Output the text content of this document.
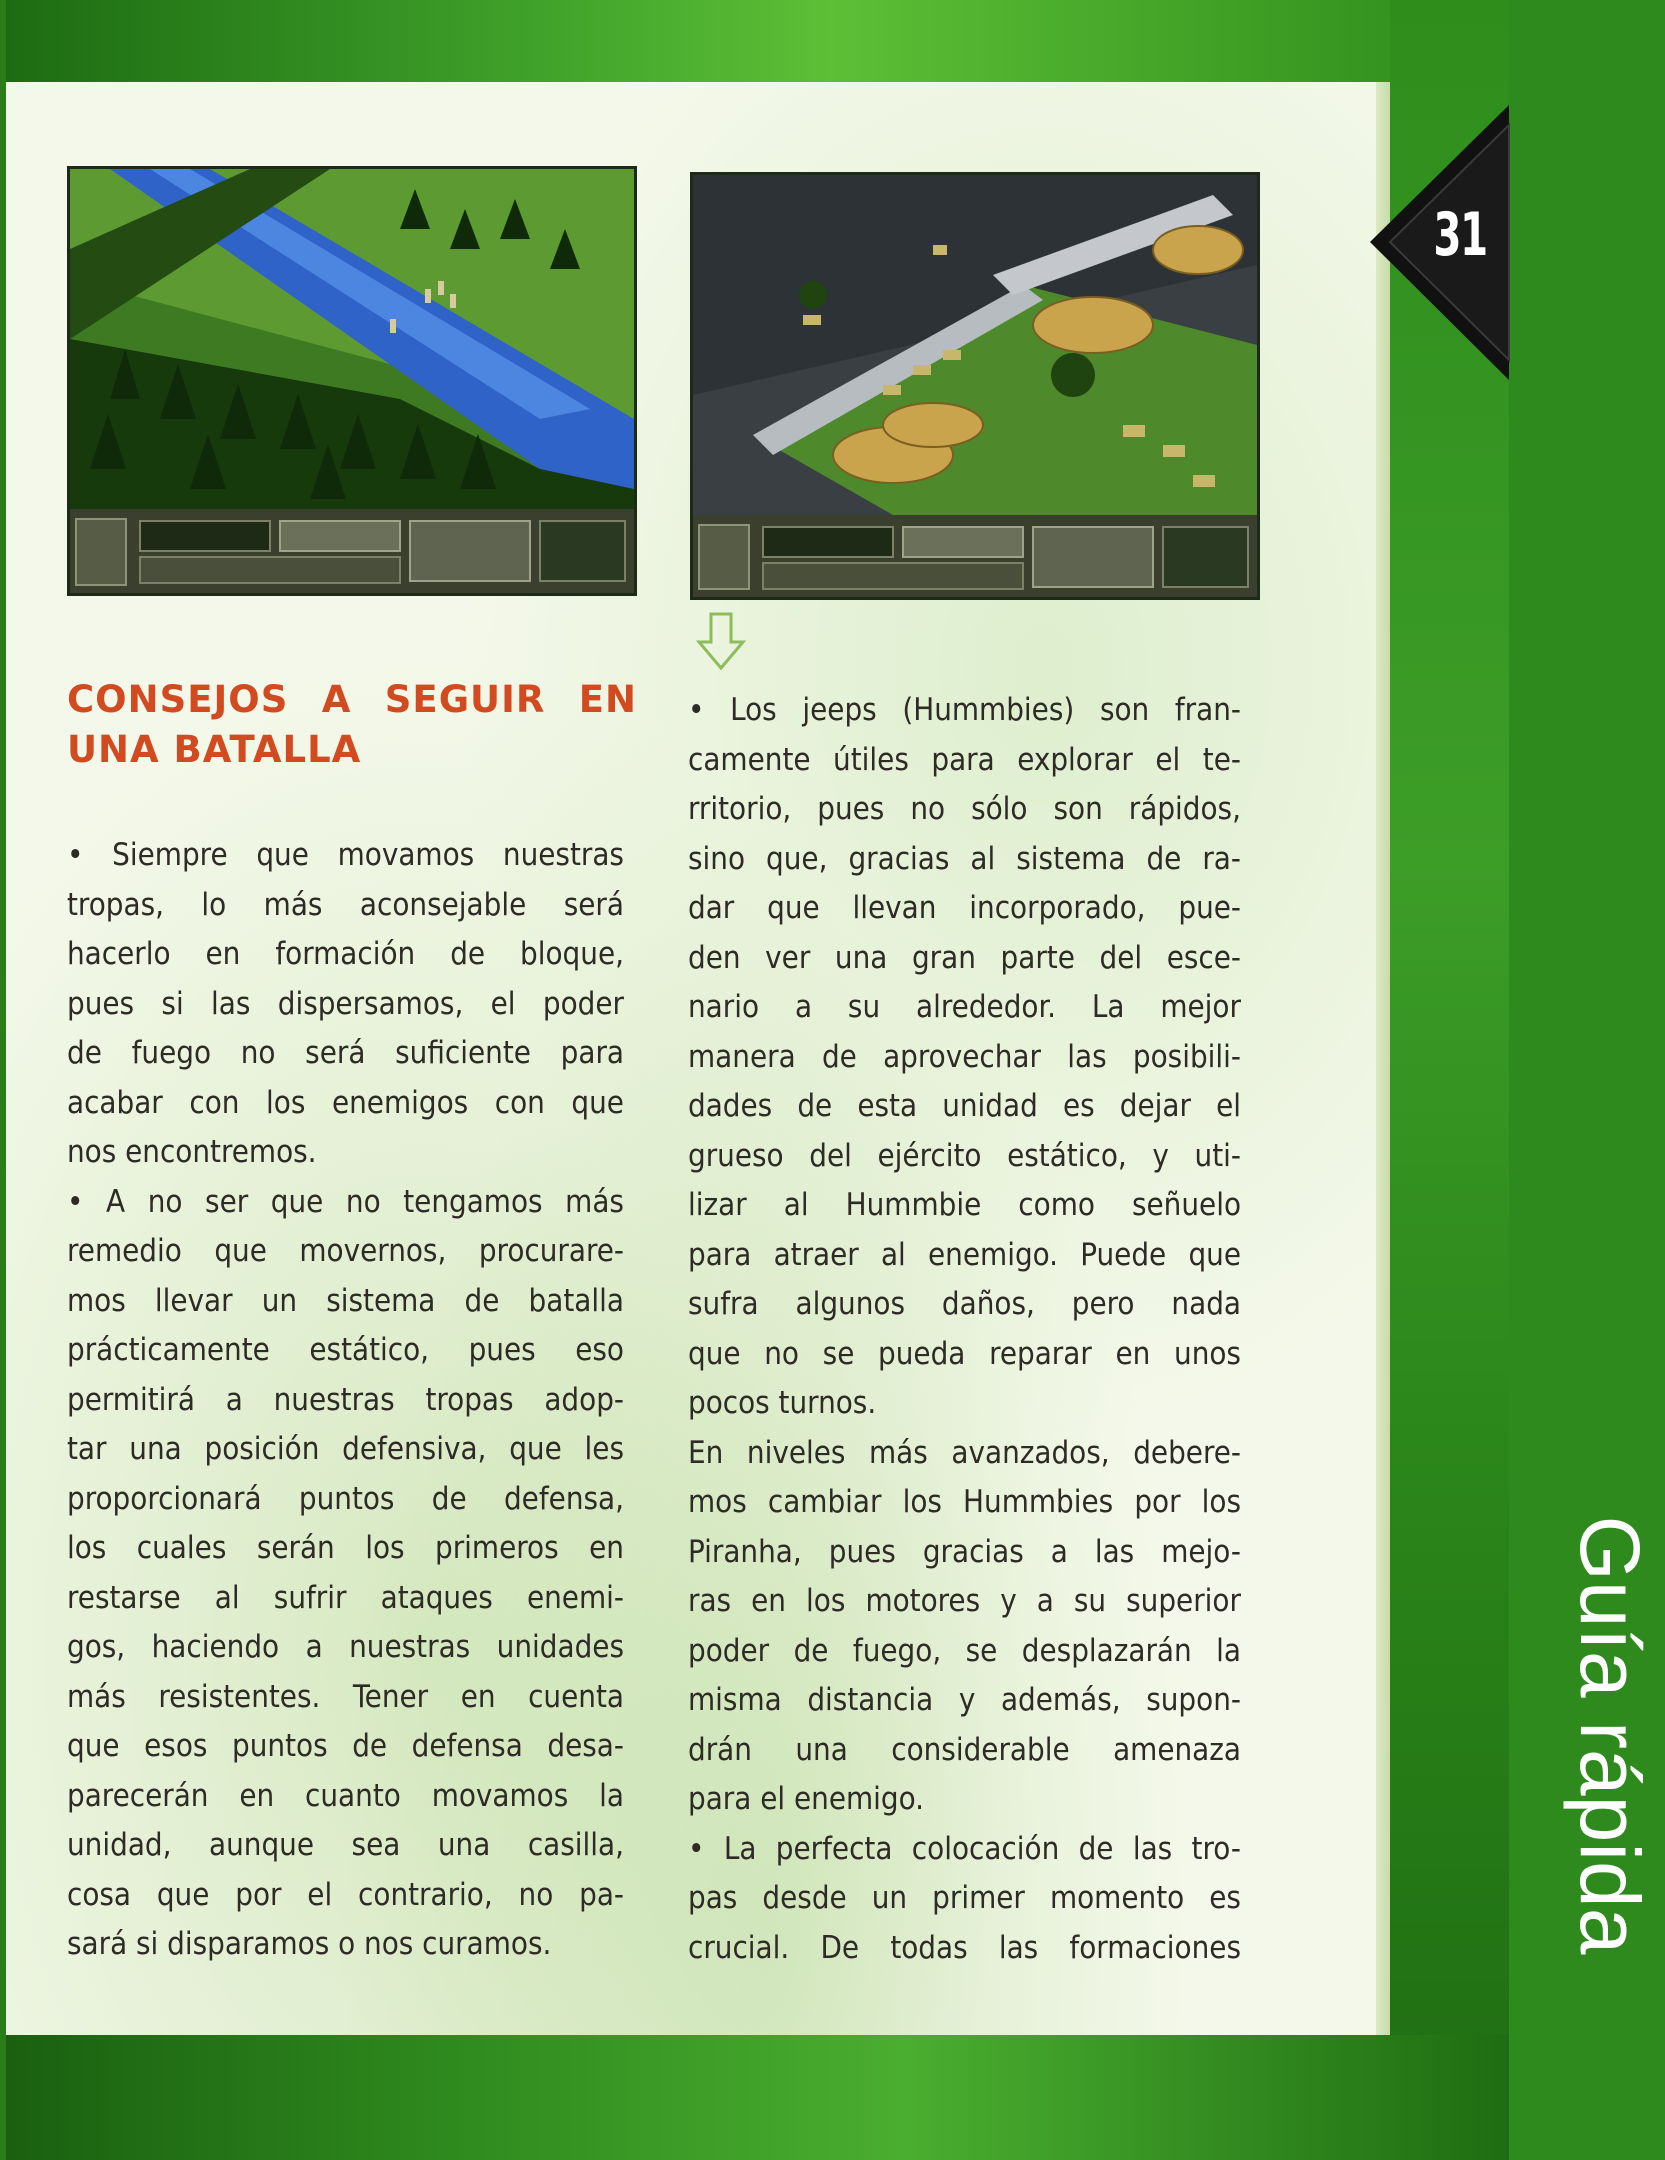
31
Guía rápida
CONSEJOS A SEGUIR EN
UNA BATALLA
• Siempre que movamos nuestras
tropas, lo más aconsejable será
hacerlo en formación de bloque,
pues si las dispersamos, el poder
de fuego no será suficiente para
acabar con los enemigos con que
nos encontremos.
• A no ser que no tengamos más
remedio que movernos, procurare-
mos llevar un sistema de batalla
prácticamente estático, pues eso
permitirá a nuestras tropas adop-
tar una posición defensiva, que les
proporcionará puntos de defensa,
los cuales serán los primeros en
restarse al sufrir ataques enemi-
gos, haciendo a nuestras unidades
más resistentes. Tener en cuenta
que esos puntos de defensa desa-
parecerán en cuanto movamos la
unidad, aunque sea una casilla,
cosa que por el contrario, no pa-
sará si disparamos o nos curamos.
• Los jeeps (Hummbies) son fran-
camente útiles para explorar el te-
rritorio, pues no sólo son rápidos,
sino que, gracias al sistema de ra-
dar que llevan incorporado, pue-
den ver una gran parte del esce-
nario a su alrededor. La mejor
manera de aprovechar las posibili-
dades de esta unidad es dejar el
grueso del ejército estático, y uti-
lizar al Hummbie como señuelo
para atraer al enemigo. Puede que
sufra algunos daños, pero nada
que no se pueda reparar en unos
pocos turnos.
En niveles más avanzados, debere-
mos cambiar los Hummbies por los
Piranha, pues gracias a las mejo-
ras en los motores y a su superior
poder de fuego, se desplazarán la
misma distancia y además, supon-
drán una considerable amenaza
para el enemigo.
• La perfecta colocación de las tro-
pas desde un primer momento es
crucial. De todas las formaciones
